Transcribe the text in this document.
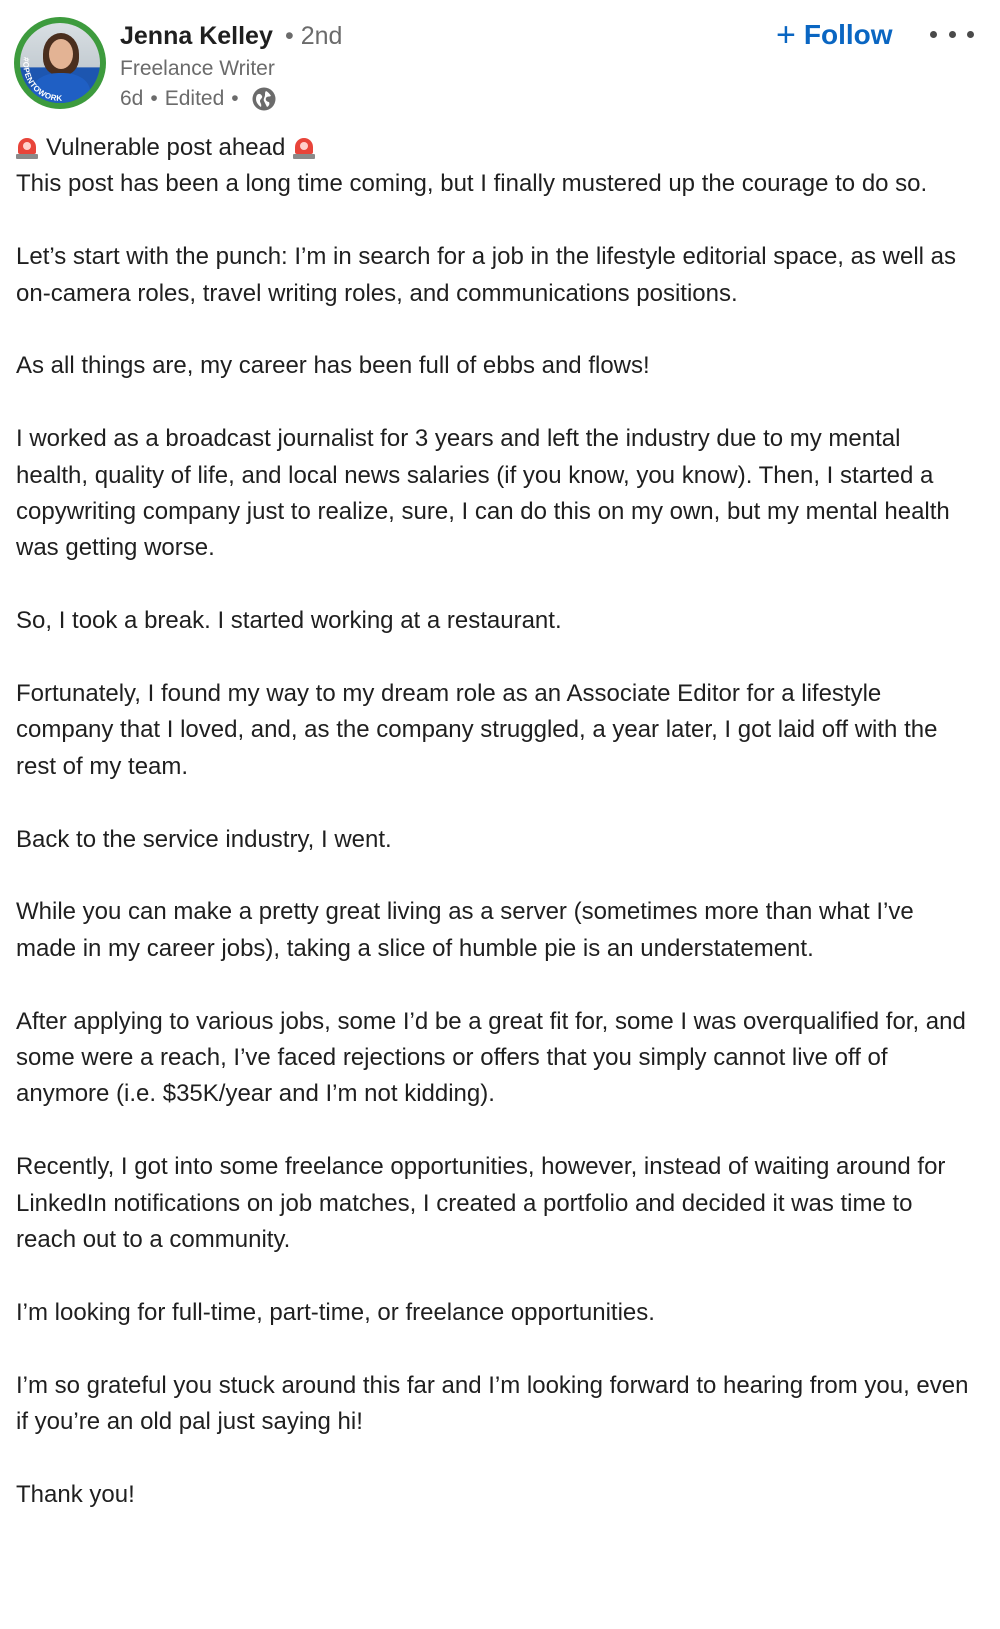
#OPENTOWORK
Jenna Kelley • 2nd
Freelance Writer
6d • Edited •
+ Follow

Vulnerable post ahead

This post has been a long time coming, but I finally mustered up the courage to do so.

Let’s start with the punch: I’m in search for a job in the lifestyle editorial space, as well as on-camera roles, travel writing roles, and communications positions.

As all things are, my career has been full of ebbs and flows!

I worked as a broadcast journalist for 3 years and left the industry due to my mental health, quality of life, and local news salaries (if you know, you know). Then, I started a copywriting company just to realize, sure, I can do this on my own, but my mental health was getting worse.

So, I took a break. I started working at a restaurant.

Fortunately, I found my way to my dream role as an Associate Editor for a lifestyle company that I loved, and, as the company struggled, a year later, I got laid off with the rest of my team.

Back to the service industry, I went.

While you can make a pretty great living as a server (sometimes more than what I’ve made in my career jobs), taking a slice of humble pie is an understatement.

After applying to various jobs, some I’d be a great fit for, some I was overqualified for, and some were a reach, I’ve faced rejections or offers that you simply cannot live off of anymore (i.e. $35K/year and I’m not kidding).

Recently, I got into some freelance opportunities, however, instead of waiting around for LinkedIn notifications on job matches, I created a portfolio and decided it was time to reach out to a community.

I’m looking for full-time, part-time, or freelance opportunities.

I’m so grateful you stuck around this far and I’m looking forward to hearing from you, even if you’re an old pal just saying hi!

Thank you!
